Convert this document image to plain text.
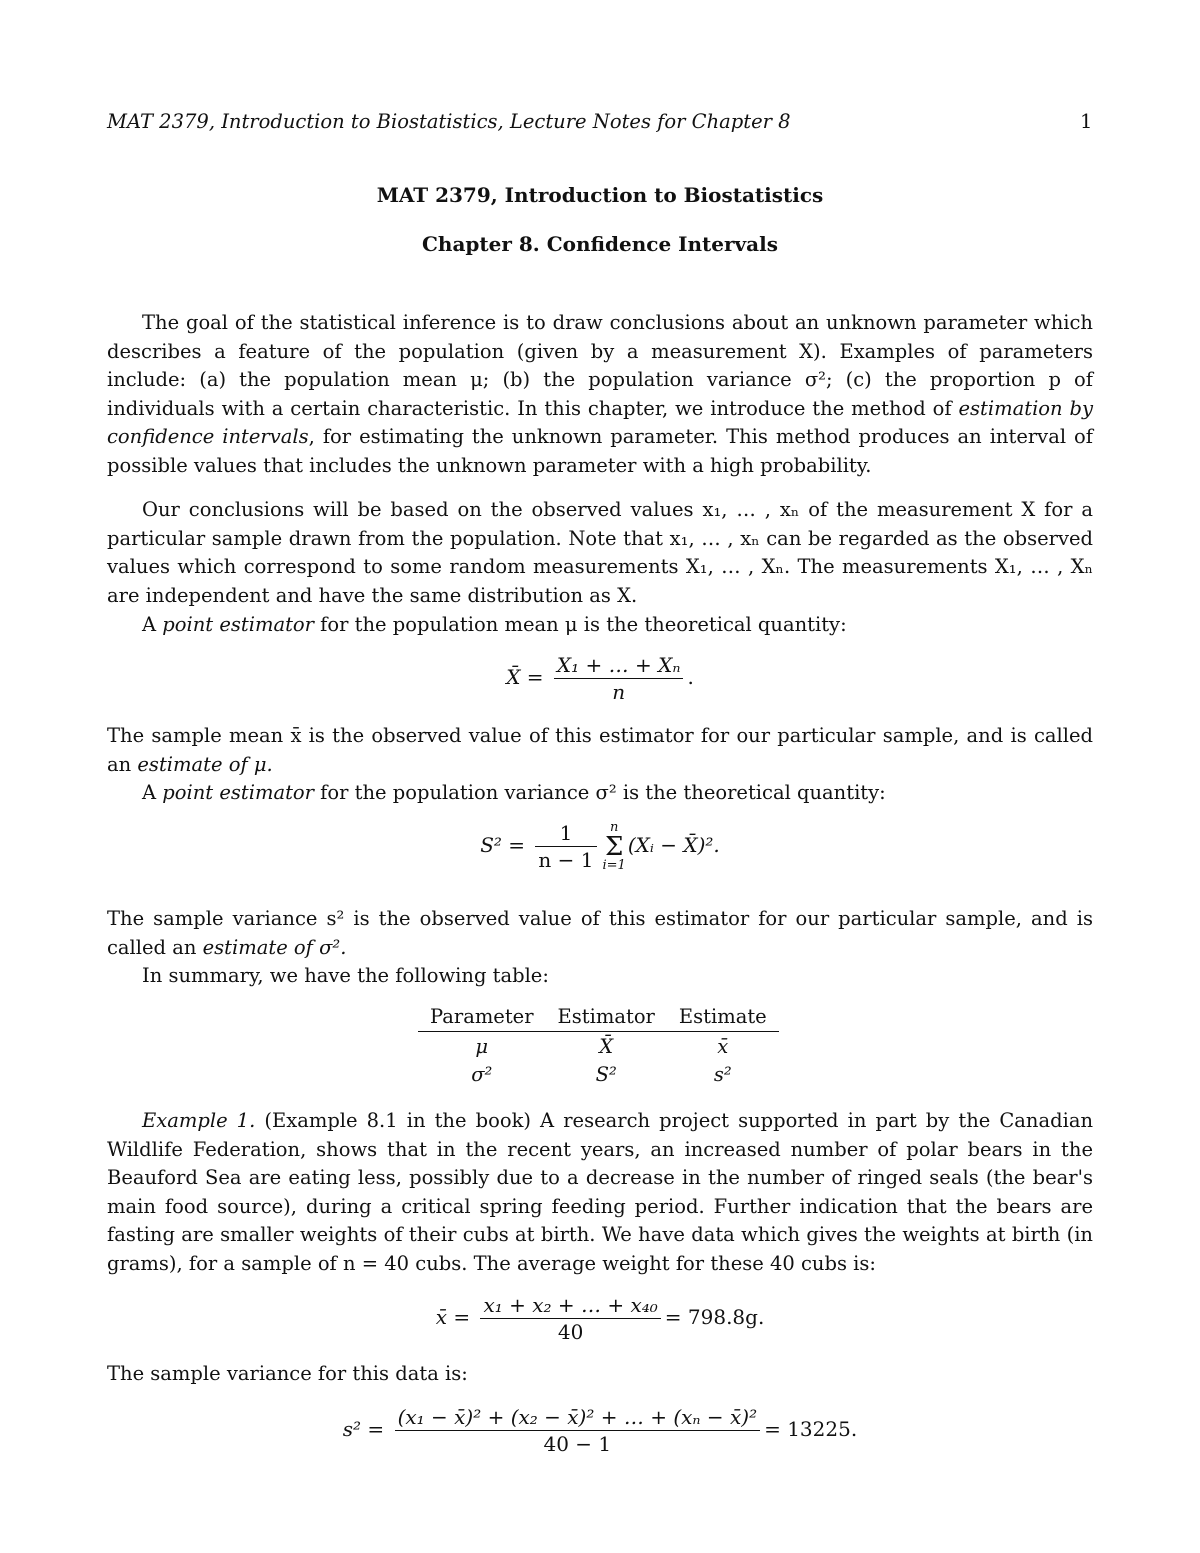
MAT 2379, Introduction to Biostatistics, Lecture Notes for Chapter 8	1
MAT 2379, Introduction to Biostatistics
Chapter 8. Confidence Intervals

The goal of the statistical inference is to draw conclusions about an unknown parameter which describes a feature of the population (given by a measurement X). Examples of parameters include: (a) the population mean μ; (b) the population variance σ²; (c) the proportion p of individuals with a certain characteristic. In this chapter, we introduce the method of estimation by confidence intervals, for estimating the unknown parameter. This method produces an interval of possible values that includes the unknown parameter with a high probability.

Our conclusions will be based on the observed values x₁, … , xₙ of the measurement X for a particular sample drawn from the population. Note that x₁, … , xₙ can be regarded as the observed values which correspond to some random measurements X₁, … , Xₙ. The measurements X₁, … , Xₙ are independent and have the same distribution as X.

A point estimator for the population mean μ is the theoretical quantity:

X̄ = $\frac{\text{X₁ + … + Xₙ}}{n}$ .

The sample mean x̄ is the observed value of this estimator for our particular sample, and is called an estimate of μ.

A point estimator for the population variance σ² is the theoretical quantity:

$S^2 = \frac{1}{n - 1}$ n
Σ
i=1(Xᵢ − X̄)².

The sample variance s² is the observed value of this estimator for our particular sample, and is called an estimate of σ².

In summary, we have the following table:

Parameter	Estimator	Estimate
μ	X̄	x̄
σ²	S²	s²

Example 1. (Example 8.1 in the book) A research project supported in part by the Canadian Wildlife Federation, shows that in the recent years, an increased number of polar bears in the Beauford Sea are eating less, possibly due to a decrease in the number of ringed seals (the bear's main food source), during a critical spring feeding period. Further indication that the bears are fasting are smaller weights of their cubs at birth. We have data which gives the weights at birth (in grams), for a sample of n = 40 cubs. The average weight for these 40 cubs is:

x̄ = $\frac{\text{x₁ + x₂ + … + x₄₀}}{40} = 798.8g$.

The sample variance for this data is:

$s^2 = \frac{\text{(x₁ − x̄)² + (x₂ − x̄)² + … + (xₙ − x̄)²}}{40 - 1} = 13225$.
